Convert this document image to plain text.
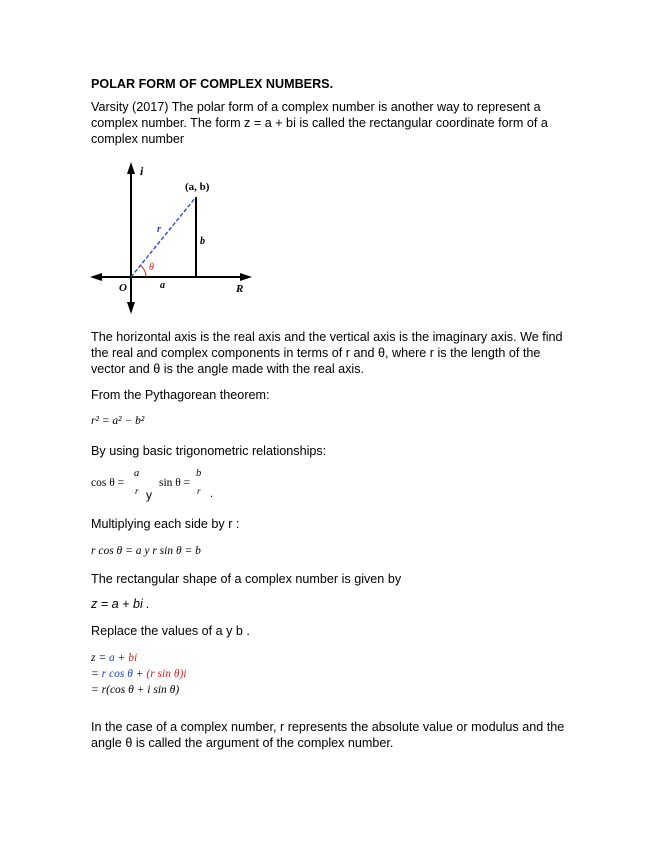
POLAR FORM OF COMPLEX NUMBERS.

Varsity (2017) The polar form of a complex number is another way to represent a complex number. The form z = a + bi is called the rectangular coordinate form of a complex number

i
(a, b)
r
b
θ
O	a	R

The horizontal axis is the real axis and the vertical axis is the imaginary axis. We find the real and complex components in terms of r and θ, where r is the length of the vector and θ is the angle made with the real axis.

From the Pythagorean theorem:

r² = a² − b²

By using basic trigonometric relationships:

cos θ =
a
r y
sin θ =
b
r .

Multiplying each side by r :

r cos θ = a y r sin θ = b

The rectangular shape of a complex number is given by

z = a + bi .

Replace the values of a y b .

z = a + bi
= r cos θ + (r sin θ)i
= r(cos θ + i sin θ)

In the case of a complex number, r represents the absolute value or modulus and the angle θ is called the argument of the complex number.
